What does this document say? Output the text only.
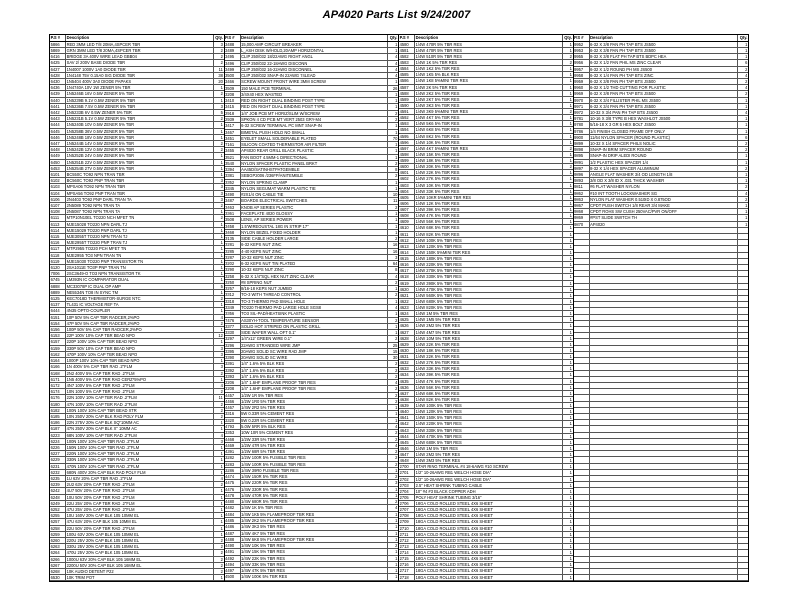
AP4020 Parts List 9/24/2007
P.S #	Description	Qty.
5866	RED 3MM LED T/8 20MA,4SPCER TBR	3
5869	GRN 3MM LED T/8 20MA,4SPCER TBR	2
6416	BRIDGE 3A 400V WIRE LEAD GBB04	2
6425	SAV 2/ 200V BASE DIODE TBR	2
6427	1N4007 1000V 1A0 DIODE TBR	11
6428	1N4148 75V 0.15A0 SIG DIODE TBR	38
6430	1N5404 400V 3A0 DIODE PAPAKS	20
6436	1N4740A 10V 1W ZENER 5% TBR	1
6439	1N5246B 16V 0.5W ZENER 5% TBR	2
6440	1N5239B 9.1V 0.5W ZENER 5% TBR	1
6441	1N5236B 7.5V 0.5W ZENER 5% TBR	3
6442	1N5233B 6V 0.5W ZENER 5% TBR	5
6443	1N5231B 5.1V 0.5W ZENER 5% TBR	2
6444	1N5240B 10V 0.5W ZENER 5% TBR	1
6445	1N5258B 36V 0.5W ZENER 5% TBR	1
6446	1N5248B 18V 0.5W ZENER 5% TBR	1
6447	1N5244B 14V 0.5W ZENER 5% TBR	2
6448	1N5242B 12V 0.5W ZENER 5% TBR	2
6449	1N5252B 24V 0.5W ZENER 5% TBR	1
6450	1N5251B 22V 0.5W ZENER 5% TBR	1
6453	1N5254B 27V 0.5W ZENER 5% TBR	1
6101	BC550C TO92 NPN TRAN TBR	1
6102	BC560C TO92 PNP TRAN TBR	3
6103	MPSA06 TO92 NPN TRAN TBR	3
6104	MPSA56 TO92 PNP TRAN TBR	3
6106	2N4403 TO92 PNP DARL TRAN TA	3
6107	2N5089 TO92 NPN TRAN TA	2
6108	2N5087 TO92 NPN TRAN TA	1
6111	MTP10N10EL TO220 NCH MFET TN	2
6113	MJE15028 TO220 NPN DARL TJ	1
6114	MJE15029 TO220 PNP DARL TJ	1
6115	MJE3055T TO220 NPN TRAN TJ	1
6116	MJE2955T TO220 PNP TRAN TJ	1
6117	MTP2955 TO220 PCH MFET TN	1
6118	MJE2955 TO3 NPN TRAN TN	1
6119	MJE15030 TO220 PNP TRANSISTOR TN	1
6120	2SA1011E TO3P PNP TRAN TN	1
7006	2SC3649-O TO3 NPN TRANSISTOR TK	1
6745	LM393N IC COMPARATOR DUAL	1
6888	MC33078P IC DUAL OP AMP	5
6889	NE5534N TO8 IN SYNC TM	1
6125	KEC7018D THERMISTOR-SURGE NTC	2
6137	TL431 IC VOLTAGE REF TA	1
6444	4N35 OPTO-COUPLER	1
6151	10P 50V 5% CAP TBR RADCER,2%PO	4
6154	47P 50V 5% CAP TBR RADCER,2%PO	2
6156	100P 50V 5% CAP TBR RADCER,2%PO	1
6153	22P 100V 10% CAP TBR BEAD NPO	12
6157	220P 100V 10% CAP TBR BEAD NPO	1
6159	330P 50V 10% CAP TBR BEAD NPO	3
6162	470P 100V 10% CAP TBR BEAD NPO	3
6164	1000P 100V 10% CAP TBR BEAD NPO	1
6166	1N 400V 5% CAP TBR RAD .2"FLM	3
6168	2N2 400V 5% CAP TBR RAD .2"FLM	2
6171	1N5 400V 5% CAP TBR RAD CERZ*5%PO	1
6172	4N7 100V 5% CAP TBR RAD .2"FLM	4
6174	10N 100V 5% CAP TBR RAD .2"FLM	2
6176	22N 100V 10% CAP TBR RAD .2"FLM	11
6180	47N 100V 10% CAP TBR RAD .2"FLM	2
6182	100N 100V 10% CAP TBR BEAD XTR	2
6185	10N 250V 20% CAP BLK RAD POLY FLM	2
6186	22N 275V 20% CAP BLK SQ"10MM AC	1
6187	47N 250V 20% CAP BLK X" 10MM AC	1
6223	68N 100V 10% CAP TBR RAD .2"FLM	4
6224	100N 100V 10% CAP TBR RAD .2"FLM	3
6226	150N 100V 10% CAP TBR RAD .2"FLM	1
6227	220N 100V 10% CAP TBR RAD .2"FLM	1
6229	330N 100V 10% CAP TBR RAD .2"FLM	1
6231	470N 100V 10% CAP TBR RAD .2"FLM	1
6232	680N 400V 20% CAP BLK RAD POLY FLM	1
6235	1U 63V 20% CAP TBR RAD .2"FLM	4
6239	2U2 63V 20% CAP TBR RAD .2"FLM	2
6242	4U7 50V 20% CAP TBR RAD .2"FLM	1
6248	10U 50V 20% CAP TBR RAD .2"FLM	1
6249	22U 25V 20% CAP TBR RAD .2"FLM	1
6252	47U 25V 20% CAP TBR RAD .2"FLM	1
6255	10U 160V 20% CAP BLK 105 10MM EL	1
6257	47U 63V 20% CAP BLK 105 10MM EL	1
6258	22U 50V 20% CAP TBR RAD .2"FLM	1
6259	100U 63V 20% CAP BLK 105 10MM EL	1
6260	220U 25V 20% CAP BLK 105 10MM EL	2
6263	330U 25V 20% CAP BLK 105 10MM EL	2
6264	470U 25V 20% CAP BLK 105 10MM EL	2
6266	1000U 63V 20% CAP BLK 105 16MM EL	2
6267	2200U 50V 20% CAP BLK 105 16MM EL	2
6268	10K AUDIO DETENT P22	2
6530	10K TRIM POT	1
P.S #	Description	Qty.
3488	15,000 AMP CIRCUIT BREAKER	1
3489	L_ASH DISK W/HOLD,20AMP HORIZONTAL	1
3495	CLIP 250/032 18/22AWG RIGHT ANGL	4
3496	CLIP 250/032 22-18AWG DISCONN	4
3499	CLIP 250/032 16-22AWG DISCONNEL	4
3500	CLIP 250/032 SNAP-IN 22AWG 74LEAD	4
3466	SCREW MOUNT FRONT WIRE 3MM SCREW	1
3509	150 MALE PCB TERMINAL	26
3208	3/4X40 HEX WASTED	1
3410	RED ON RIGHT DUAL BINDING POST TYPE	1
3415	RED ON RIGHT DUAL BINDING POST TYPE	1
2918	1/4" JOB PCB MT HORIZ/SLIM W/SCREW	2
2939	SPKON 4 CD PCB MT VERT 2503 GRY-M4	2
3417	6-32 SCREW TERMINAL PC MNT SNAP-IN	1
3467	BIMETAL PUSH HOLD NO SMALL	1
3451	EYELET SMALL SOLDERABLE PLATED	70
7161	SILICON COATED THERMISTOR AIR FILTER	1
3455	AP4020 REAR GRILL BLACK PLASTIC	1
3521	FAN BOOT 4.5MM-1 DIRECTIONAL	1
3540	NYLON SPACER PLASTIC PANEL BRKT	2
3394	AA45D/SATINHSTPATGEMBLE	8
3381	SEBGP2006 /236FP/ANITEMBLE	2
3352	NYLON SPRING CLAMP	1
3345	NYLON SEGUMAT WARM PLASTIC TIE	1
3490	#2X1/4 ON CABLE TIE	10
3487	BOARDS ELECTRICAL SWITCHES	11
3463	KNOB AP SERIES PLASTIC	2
3361	FACEPLATE 4020 GLOSSY	1
3508	LENS, AP SERIES POWER	1
3458	1.5'WIREOUSTAL 18G IN STRIP 17"	1
3468	NYLON BEZEL FIXED HOLDER	1
3135	SIDE CABLE HOLDER LARGE	2
3281	6-32 KEPS NUT ZINC	16
3285	4-40 KEPS NUT ZINC	16
3287	10-32 KEPS NUT ZINC	3
3202	6-32 KEPS NUT TIN PLATED	64
3290	10-32 KEPS NUT ZINC	8
3258	6-32 X 1/4"SQL HEX NUT ZINC CLEAR	4
3250	#8 SPRING NUT	2
3257	8/16-18 KEPS NUT JUMBO	1
3312	TO-3 WITH THREAD CONTROL	2
3318	TO-3 THERMO PAD SMALL HOLE	1
3349	TO220 THERMO PAD LARGE HOLE SGS8	4
3356	TO3 SIL-PAD/HEATSINK PLASTIC	1
7476	AS30YH-TOOL TEMPERATURE SENSOR	2
3377	SOLID HOT STRIPED ON PLASTIC GRILL	1
3330	SIDE WAFER WALL OFT 0.1"	1
3297	1/4"x12' GREEN WIRE 0.1"	2
3296	22AWG STRANDED WIRE JMP	25
3395	20AWG SOLID SC WIRE RAD JMP	15
3390	20AWG SOLID SC WIRE	30
3391	1/4" 1.6% 5% BLK RES	2
3392	1/4" 1.6% 5% BLK RES	2
3393	1/4" 1.6% 5% BLK RES	2
2206	1/4" 1.6HF EMPLANE PROOF TBR RES	4
2208	1/4" 1.6HF EMPLANE PROOF TBR RES	2
4457	1/2W 1R 5% TBR RES	2
4466	1/2W 1R0 5% TBR RES	2
4467	1/4W 2R2 5% TBR RES	1
3316	5W 0.33R 5% CEMENT RES	1
3320	5W 0.22R 5% CEMENT RES	1
4793	5.0W 5RR 5% BLK RES	4
3353	10W 10R 5% CEMENT RES	2
4468	1/2W 33R 5% TBR RES	2
4469	1/2W 47R 5% TBR RES	4
4391	1/2W 68R 5% TBR RES	2
3282	1/2W 100R 5% FUSIBLE TBR RES	2
3283	1/4W 100R 5% FUSIBLE TBR RES	2
3286	1/4W 39R0 FUSIBLE TBR RES	1
4474	1/4W 150R 5% TBR RES	2
4475	1/4W 220R 5% TBR RES	3
4476	1/4W 330R 5% TBR RES	1
4478	1/4W 470R 5% TBR RES	1
4480	1/4W 680R 5% TBR RES	2
4482	1/4W 1K 5% TBR RES	4
4484	1/4W 1K5 5% FLAMEPROOF TBR RES	1
4485	1/4W 2K2 5% FLAMEPROOF TBR RES	1
4486	1/4W 3K3 5% TBR RES	1
4487	1/4W 4K7 5% TBR RES	1
4488	1/4W 6K8 5% FLAMEPROOF TBR RES	1
4490	1/4W 10K 5% TBR RES	2
4491	1/4W 15K 5% TBR RES	1
4492	1/4W 22K 5% TBR RES	1
4494	1/4W 33K 5% TBR RES	1
4497	1/4W 47K 5% TBR RES	1
4500	1/4W 100K 5% TBR RES	1
P.S #	Description	Qty.
4580	1/4W 470R 5% TBR RES	1
4581	1/4W 470R 5% TBR RES	1
4582	1/4W 510R 5% TBR RES	2
4583	1/4W 1K 5% TBR RES	2
4584	1/4W 1K2 5% TBR RES	1
4585	1/4W 1K5 5% BLK RES	1
4586	1/4W 1K8 5%MINI TBR RES	1
4587	1/4W 2K 5% TBR RES	1
4588	1/4W 2K2 5% TBR RES	1
4589	1/4W 2K7 5% TBR RES	1
4590	1/4W 3K3 5% TBR RES	1
4591	1/4W 3K9 5%MINI TBR RES	2
4592	1/4W 4K7 5% TBR RES	1
4593	1/4W 5K6 5% TBR RES	1
4594	1/4W 6K8 5% TBR RES	1
4595	1/4W 8K2 5% TBR RES	1
4596	1/4W 10K 5% TBR RES	1
4597	1/4W 4K7 5%MINI TBR RES	2
4598	1/4W 15K 5% TBR RES	1
4599	1/4W 18K 5% TBR RES	1
4600	1/4W 20K 5% TBR RES	2
4601	1/4W 22K 5% TBR RES	1
4602	1/4W 27K 5% TBR RES	1
4603	1/4W 10K 5% TBR RES	1
4604	1/4W 33K 5% TBR RES	1
4605	1/4W 10KR 5%MINI TBR RES	1
4606	1/4W 12K 5% TBR RES	1
4607	1/4W 39K 5% TBR RES	1
4608	1/4W 47K 5% TBR RES	1
4609	1/4W 56K 5% TBR RES	1
4610	1/4W 68K 5% TBR RES	1
4611	1/4W 82K 5% TBR RES	1
4612	1/4W 100K 5% TBR RES	1
4613	1/4W 120K 5% TBR RES	1
4614	1/4W 150K 5%MINI TBR RES	1
4615	1/4W 180K 5% TBR RES	1
4616	1/4W 220K 5% TBR RES	1
4617	1/4W 270K 5% TBR RES	1
4618	1/4W 330K 5% TBR RES	1
4619	1/4W 390K 5% TBR RES	1
4620	1/4W 470K 5% TBR RES	1
4621	1/4W 560K 5% TBR RES	1
4622	1/4W 680K 5% TBR RES	1
4623	1/4W 820K 5% TBR RES	1
4624	1/4W 1M 5% TBR RES	1
4625	1/4W 1M5 5% TBR RES	1
4626	1/4W 2M2 5% TBR RES	1
4627	1/4W 4M7 5% TBR RES	1
4628	1/4W 10M 5% TBR RES	1
4629	1/4W 22K 5% TBR RES	1
4630	1/4W 18K 5% TBR RES	1
4631	1/4W 22K 5% TBR RES	1
4632	1/4W 27K 5% TBR RES	1
4633	1/4W 33K 5% TBR RES	1
4634	1/4W 39K 5% TBR RES	1
4635	1/4W 47K 5% TBR RES	1
4636	1/4W 56K 5% TBR RES	1
4637	1/4W 68K 5% TBR RES	1
4638	1/4W 82K 5% TBR RES	1
4639	1/4W 100K 5% TBR RES	1
4640	1/4W 120K 5% TBR RES	1
4641	1/4W 150K 5% TBR RES	1
4642	1/4W 220K 5% TBR RES	1
4643	1/4W 330K 5% TBR RES	1
4644	1/4W 470K 5% TBR RES	1
4645	1/4W 680K 5% TBR RES	1
4646	1/4W 1M 5% TBR RES	1
4647	1/4W 2M2 5% TBR RES	1
4648	1/4W 3M3 5% TBR RES	1
2700	STAR RING TERMINAL #4 18-6AWG #10 SCREW	1
2701	1/2" 10-26AWG RB1 WELCH HOSE DIA"	1
2702	1/2" 10-26AWG RB1 WELCH HOSE DIA"	1
2703	2.5" HEAT SHRINK TUBING CABLE	1
2704	10" #4 #3 BLACK COPPER ADH	1
2705	POLY HEAT SHRINK TUBING 3/16"	1
2706	18GA COLD ROLLED STEEL 4X6 SHEET	1
2707	18GA COLD ROLLED STEEL 4X6 SHEET	1
2708	18GA COLD ROLLED STEEL 4X6 SHEET	1
2709	18GA COLD ROLLED STEEL 4X6 SHEET	1
2710	18GA COLD ROLLED STEEL 4X6 SHEET	1
2711	18GA COLD ROLLED STEEL 4X6 SHEET	1
2712	18GA COLD ROLLED STEEL 4X6 SHEET	1
2713	18GA COLD ROLLED STEEL 4X6 SHEET	1
2714	18GA COLD ROLLED STEEL 4X6 SHEET	1
2715	18GA COLD ROLLED STEEL 4X6 SHEET	1
2716	18GA COLD ROLLED STEEL 4X6 SHEET	1
2717	18GA COLD ROLLED STEEL 4X6 SHEET	1
2718	18GA COLD ROLLED STEEL 4X6 SHEET	1
P.S #	Description	Qty.
9952	6-32 X 3/8 PAN PH TAP BTS JS500	1
9953	6-32 X 3/8 PAN PH TAP BTS JS500	1
9955	8-32 X 3/8 FLAT PH TAP BTS BDPC HEA	1
9956	6-32 X 1/2 PAN PHIL MS ZINC CLEAR	6
9957	6-32 X 1/2 ROUND PH MS JS500	2
9958	6-32 X 1/4 PAN PH TAP BTS ZINC	4
9959	6-32 X 3/8 PAN PH TAP BTS JS500	2
9960	6-32 X 1/2 THD CUTTING FOR PLASTIC	4
9969	6-32 X 3/8 PAN PH TAP BTS JS500	2
9970	6-32 X 3/4 FILLISTER PHIL MS JS500	1
9971	6-32 X 3/4 PAN PH TAP BTS JS500	1
9972	10-32 X 3/4 PAN PH TAP BTS JS500	4
9781	10-16 X 3/8 TYPE B HEX WASHLOT JS500	1
9780	5/16-18 X 3 GR 5 HEX BOLT JS500	1
9786	1/4 FINISH CLOSED FRAME OFF ONLY	1
9900	11/64 NYLON SPACER (ROUND PLASTIC)	6
9899	10-32 X 1/4 SPACER PHILS NOLIC	2
9898	SNAP-IN BRIM SPACER ROUND	2
9895	SNAP-IN DRIP ALEDI ROUND	1
9891	1/2 PLASTIC HEX SPACER 1/4	1
9897	8-32 X 1/4 HEX SPACER ALUMINUM	2
9896	ANGLE FLAT WASHER 3/4 OD LENGTH 1/8	1
9893	3/8 OD X 3/8 ID X .031 THICK WASHER	1
9811	#6 FLAT WASHER NYLON	2
9862	#10 INT TOOTH LOCKWASHER SG	4
9863	NYLON FLAT WASHER 0.510ID X 0.875OD	2
9867	CPDT PUSH SWITCH 1/8 REAR 3/4 MAKE	1
9868	CPDT ROHS SW CUSH 250VAC/PVR ON/OFF	1
9869	#PST SLIDE SWITCH TH	1
9870	AP4020	1
